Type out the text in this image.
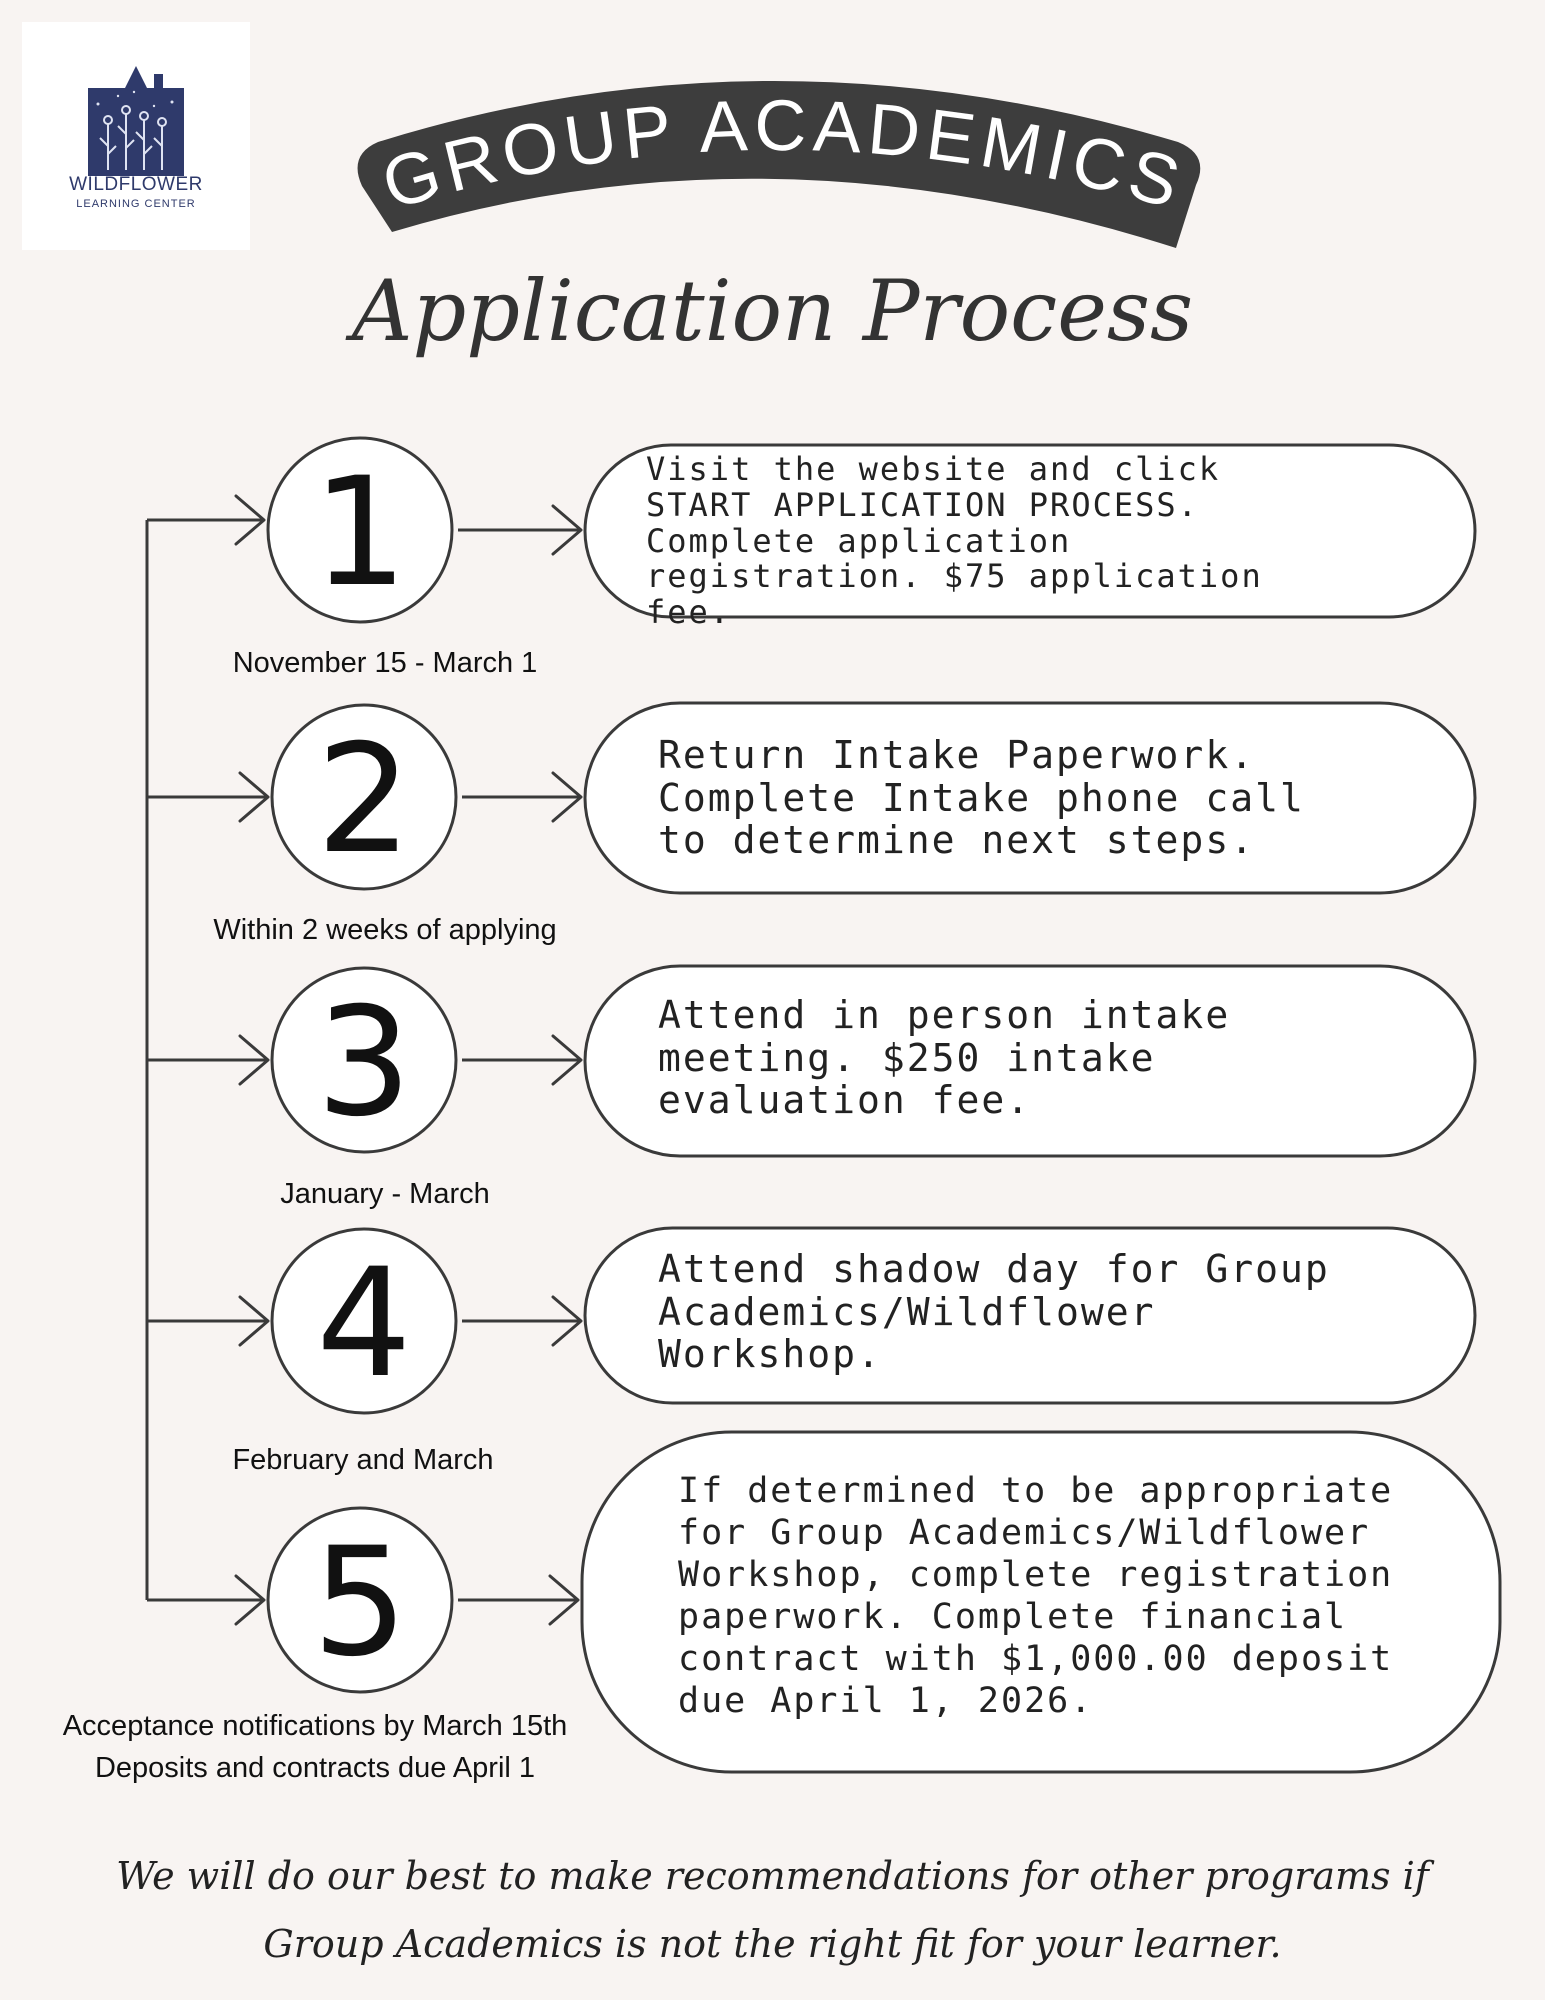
WILDFLOWER
LEARNING CENTER	GROUP ACADEMICS
Application Process
1
2
3
4
5
November 15 - March 1
Within 2 weeks of applying
January - March
February and March
Acceptance notifications by March 15th
Deposits and contracts due April 1
Visit the website and click START APPLICATION PROCESS. Complete application registration. $75 application fee.
Return Intake Paperwork. Complete Intake phone call to determine next steps.
Attend in person intake meeting. $250 intake evaluation fee.
Attend shadow day for Group Academics/Wildflower Workshop.
If determined to be appropriate for Group Academics/Wildflower Workshop, complete registration paperwork. Complete financial contract with $1,000.00 deposit due April 1, 2026.
We will do our best to make recommendations for other programs if
Group Academics is not the right fit for your learner.
